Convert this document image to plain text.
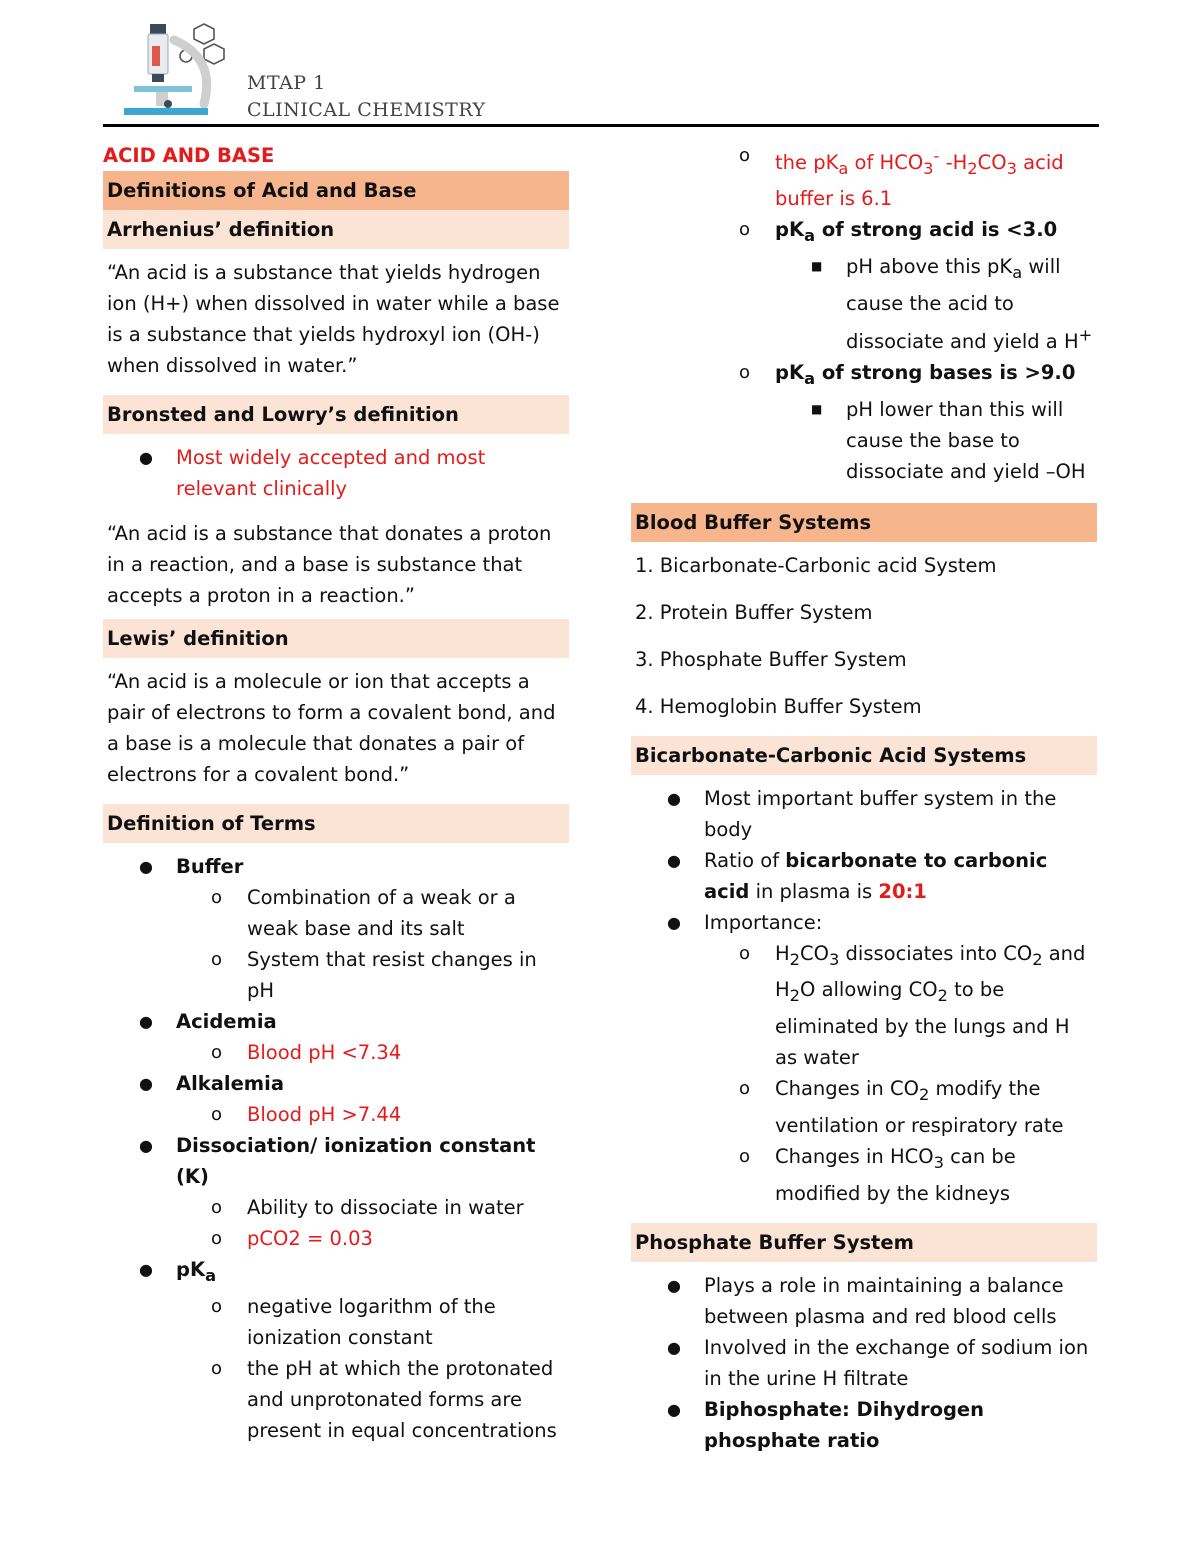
MTAP 1
CLINICAL CHEMISTRY
ACID AND BASE
Definitions of Acid and Base
Arrhenius’ definition

“An acid is a substance that yields hydrogen ion (H+) when dissolved in water while a base is a substance that yields hydroxyl ion (OH-) when dissolved in water.”

Bronsted and Lowry’s definition
● Most widely accepted and most relevant clinically

“An acid is a substance that donates a proton in a reaction, and a base is substance that accepts a proton in a reaction.”

Lewis’ definition

“An acid is a molecule or ion that accepts a pair of electrons to form a covalent bond, and a base is a molecule that donates a pair of electrons for a covalent bond.”

Definition of Terms
● Buffer
o Combination of a weak or a weak base and its salt
o System that resist changes in pH
● Acidemia
o Blood pH <7.34
● Alkalemia
o Blood pH >7.44
● Dissociation/ ionization constant (K)
o Ability to dissociate in water
o pCO2 = 0.03
● $pK_a$
o negative logarithm of the ionization constant
o the pH at which the protonated and unprotonated forms are present in equal concentrations
o the $pK_a$ of $HCO_3^-$ $-H_2CO_3$ acid buffer is 6.1
o $pK_a$ of strong acid is <3.0
■ pH above this $pK_a$ will cause the acid to dissociate and yield a H+
o $pK_a$ of strong bases is >9.0
■ pH lower than this will cause the base to dissociate and yield –OH
Blood Buffer Systems

1. Bicarbonate-Carbonic acid System

2. Protein Buffer System

3. Phosphate Buffer System

4. Hemoglobin Buffer System

Bicarbonate-Carbonic Acid Systems
● Most important buffer system in the body
● Ratio of bicarbonate to carbonic acid in plasma is 20:1
● Importance:
o $H_2CO_3$ dissociates into $CO_2$ and $H_2O$ allowing $CO_2$ to be eliminated by the lungs and H as water
o Changes in $CO_2$ modify the ventilation or respiratory rate
o Changes in $HCO_3$ can be modified by the kidneys
Phosphate Buffer System
● Plays a role in maintaining a balance between plasma and red blood cells
● Involved in the exchange of sodium ion in the urine H filtrate
● Biphosphate: Dihydrogen phosphate ratio
